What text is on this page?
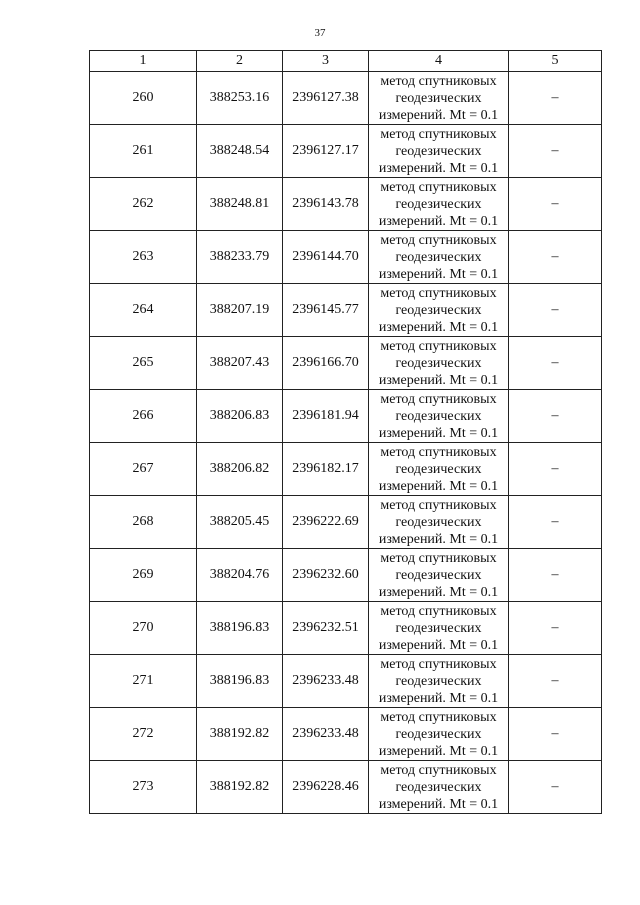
37
1	2	3	4	5
260	388253.16	2396127.38	метод спутниковых геодезических измерений. Mt = 0.1	–
261	388248.54	2396127.17	метод спутниковых геодезических измерений. Mt = 0.1	–
262	388248.81	2396143.78	метод спутниковых геодезических измерений. Mt = 0.1	–
263	388233.79	2396144.70	метод спутниковых геодезических измерений. Mt = 0.1	–
264	388207.19	2396145.77	метод спутниковых геодезических измерений. Mt = 0.1	–
265	388207.43	2396166.70	метод спутниковых геодезических измерений. Mt = 0.1	–
266	388206.83	2396181.94	метод спутниковых геодезических измерений. Mt = 0.1	–
267	388206.82	2396182.17	метод спутниковых геодезических измерений. Mt = 0.1	–
268	388205.45	2396222.69	метод спутниковых геодезических измерений. Mt = 0.1	–
269	388204.76	2396232.60	метод спутниковых геодезических измерений. Mt = 0.1	–
270	388196.83	2396232.51	метод спутниковых геодезических измерений. Mt = 0.1	–
271	388196.83	2396233.48	метод спутниковых геодезических измерений. Mt = 0.1	–
272	388192.82	2396233.48	метод спутниковых геодезических измерений. Mt = 0.1	–
273	388192.82	2396228.46	метод спутниковых геодезических измерений. Mt = 0.1	–
